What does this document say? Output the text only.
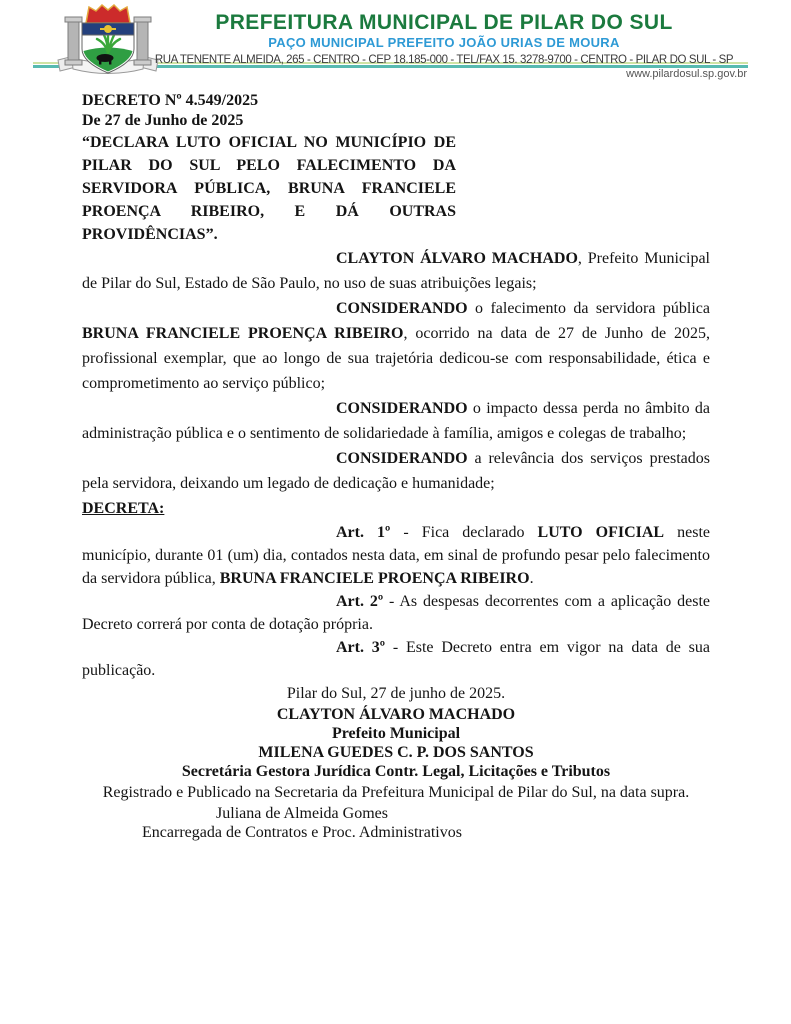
PREFEITURA MUNICIPAL DE PILAR DO SUL
PAÇO MUNICIPAL PREFEITO JOÃO URIAS DE MOURA
RUA TENENTE ALMEIDA, 265 - CENTRO - CEP 18.185-000 - TEL/FAX 15. 3278-9700 - CENTRO - PILAR DO SUL - SP
www.pilardosul.sp.gov.br
DECRETO Nº 4.549/2025
De 27 de Junho de 2025

“DECLARA LUTO OFICIAL NO MUNICÍPIO DE PILAR DO SUL PELO FALECIMENTO DA SERVIDORA PÚBLICA, BRUNA FRANCIELE PROENÇA RIBEIRO, E DÁ OUTRAS PROVIDÊNCIAS”.

CLAYTON ÁLVARO MACHADO, Prefeito Municipal de Pilar do Sul, Estado de São Paulo, no uso de suas atribuições legais;

CONSIDERANDO o falecimento da servidora pública BRUNA FRANCIELE PROENÇA RIBEIRO, ocorrido na data de 27 de Junho de 2025, profissional exemplar, que ao longo de sua trajetória dedicou-se com responsabilidade, ética e comprometimento ao serviço público;

CONSIDERANDO o impacto dessa perda no âmbito da administração pública e o sentimento de solidariedade à família, amigos e colegas de trabalho;

CONSIDERANDO a relevância dos serviços prestados pela servidora, deixando um legado de dedicação e humanidade;

DECRETA:

Art. 1º - Fica declarado LUTO OFICIAL neste município, durante 01 (um) dia, contados nesta data, em sinal de profundo pesar pelo falecimento da servidora pública, BRUNA FRANCIELE PROENÇA RIBEIRO.

Art. 2º - As despesas decorrentes com a aplicação deste Decreto correrá por conta de dotação própria.

Art. 3º - Este Decreto entra em vigor na data de sua publicação.

Pilar do Sul, 27 de junho de 2025.

CLAYTON ÁLVARO MACHADO
Prefeito Municipal
MILENA GUEDES C. P. DOS SANTOS
Secretária Gestora Jurídica Contr. Legal, Licitações e Tributos

Registrado e Publicado na Secretaria da Prefeitura Municipal de Pilar do Sul, na data supra.

Juliana de Almeida Gomes
Encarregada de Contratos e Proc. Administrativos
